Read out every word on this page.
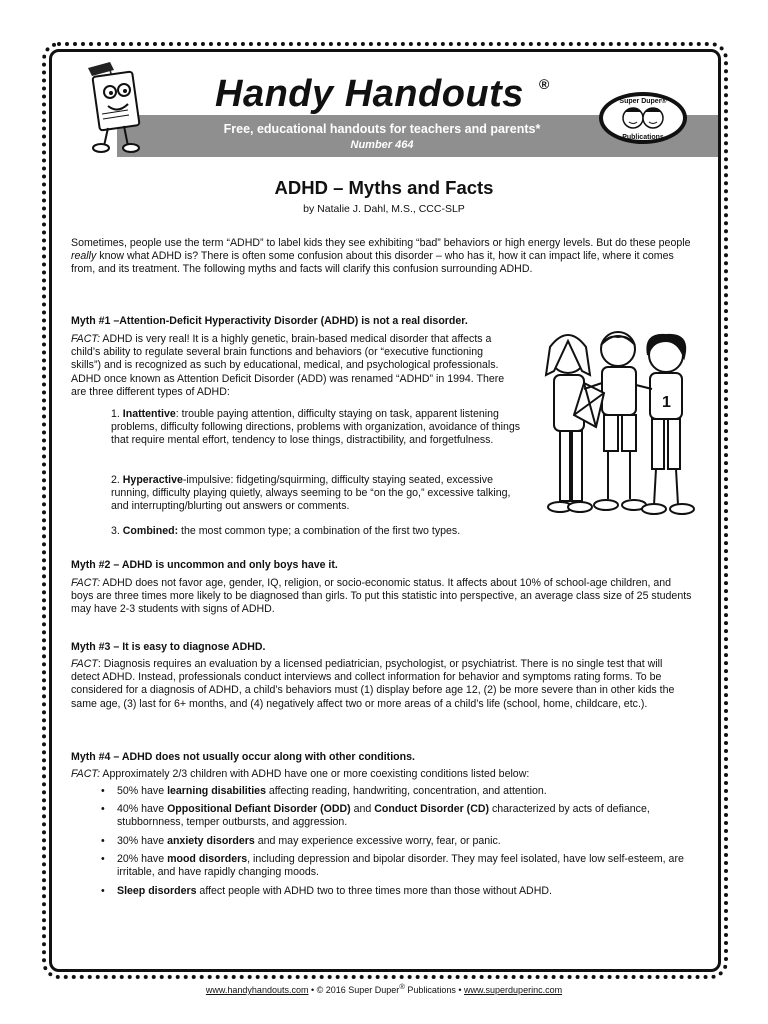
Handy Handouts ®
Free, educational handouts for teachers and parents*
Number 464
Super Duper®
Publications
ADHD – Myths and Facts
by Natalie J. Dahl, M.S., CCC-SLP
Sometimes, people use the term “ADHD” to label kids they see exhibiting “bad” behaviors or high energy levels. But do these people really know what ADHD is? There is often some confusion about this disorder – who has it, how it can impact life, where it comes from, and its treatment. The following myths and facts will clarify this confusion surrounding ADHD.
Myth #1 –Attention-Deficit Hyperactivity Disorder (ADHD) is not a real disorder.
FACT: ADHD is very real! It is a highly genetic, brain-based medical disorder that affects a child’s ability to regulate several brain functions and behaviors (or “executive functioning skills”) and is recognized as such by educational, medical, and psychological professionals. ADHD once known as Attention Deficit Disorder (ADD) was renamed “ADHD” in 1994. There are three different types of ADHD:
1. Inattentive: trouble paying attention, difficulty staying on task, apparent listening problems, difficulty following directions, problems with organization, avoidance of things that require mental effort, tendency to lose things, distractibility, and forgetfulness.
2. Hyperactive-impulsive: fidgeting/squirming, difficulty staying seated, excessive running, difficulty playing quietly, always seeming to be “on the go,” excessive talking, and interrupting/blurting out answers or comments.
3. Combined: the most common type; a combination of the first two types.
1
Myth #2 – ADHD is uncommon and only boys have it.
FACT: ADHD does not favor age, gender, IQ, religion, or socio-economic status. It affects about 10% of school-age children, and boys are three times more likely to be diagnosed than girls. To put this statistic into perspective, an average class size of 25 students may have 2-3 students with signs of ADHD.
Myth #3 – It is easy to diagnose ADHD.
FACT: Diagnosis requires an evaluation by a licensed pediatrician, psychologist, or psychiatrist. There is no single test that will detect ADHD. Instead, professionals conduct interviews and collect information for behavior and symptoms rating forms. To be considered for a diagnosis of ADHD, a child’s behaviors must (1) display before age 12, (2) be more severe than in other kids the same age, (3) last for 6+ months, and (4) negatively affect two or more areas of a child’s life (school, home, childcare, etc.).
Myth #4 – ADHD does not usually occur along with other conditions.
FACT: Approximately 2/3 children with ADHD have one or more coexisting conditions listed below:
• 50% have learning disabilities affecting reading, handwriting, concentration, and attention.
• 40% have Oppositional Defiant Disorder (ODD) and Conduct Disorder (CD) characterized by acts of defiance, stubbornness, temper outbursts, and aggression.
• 30% have anxiety disorders and may experience excessive worry, fear, or panic.
• 20% have mood disorders, including depression and bipolar disorder. They may feel isolated, have low self-esteem, are irritable, and have rapidly changing moods.
• Sleep disorders affect people with ADHD two to three times more than those without ADHD.
www.handyhandouts.com • © 2016 Super Duper® Publications • www.superduperinc.com
